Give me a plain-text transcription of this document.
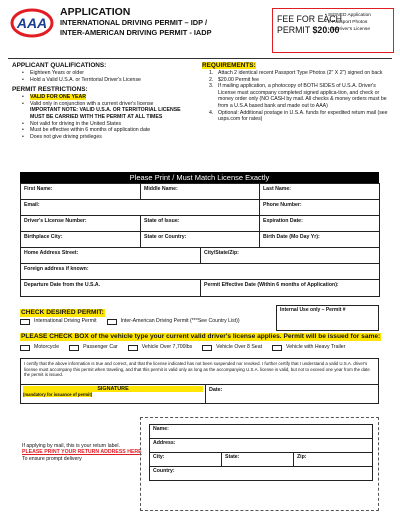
AAA
APPLICATION
INTERNATIONAL DRIVING PERMIT – IDP /
INTER-AMERICAN DRIVING PERMIT - IADP
FEE FOR EACH
PERMIT $20.00
• SIGNED Application
• 2 Passport Photos
• US Driver's License
APPLICANT QUALIFICATIONS:
• Eighteen Years or older
• Hold a Valid U.S.A. or Territorial Driver's License
PERMIT RESTRICTIONS:
• VALID FOR ONE YEAR
• Valid only in conjunction with a current driver's license
IMPORTANT NOTE: VALID U.S.A. OR TERRITORIAL LICENSE
MUST BE CARRIED WITH THE PERMIT AT ALL TIMES
• Not valid for driving in the United States
• Must be effective within 6 months of application date
• Does not give driving privileges
REQUIREMENTS:
1. Attach 2 identical recent Passport Type Photos (2" X 2") signed on back
2. $20.00 Permit fee
3. If mailing application, a photocopy of BOTH SIDES of U.S.A. Driver's License must accompany completed signed applica-tion, and check or money order only (NO CASH by mail. All checks & money orders must be from a U.S.A based bank and made out to AAA)
4. Optional: Additional postage in U.S.A. funds for expedited return mail (see usps.com for rates)
Please Print / Must Match License Exactly
First Name:	Middle Name:		Last Name:
Email:			Phone Number:
Driver's License Number:	State of Issue:		Expiration Date:
Birthplace City:	State or Country:		Birth Date (Mo Day Yr):
Home Address Street:		City/State/Zip:	
Foreign address if known:			
Departure Date from the U.S.A.		Permit Effective Date (Within 6 months of Application):	
CHECK DESIRED PERMIT:	Internal Use only – Permit #
International Driving Permit	Inter-American Driving Permit (***See Country List))
PLEASE CHECK BOX of the vehicle type your current valid driver's license applies. Permit will be issued for same:
Motorcycle	Passenger Car	Vehicle Over 7,700lbs	Vehicle Over 8 Seat	Vehicle with Heavy Trailer
I certify that the above information is true and correct, and that the license indicated has not been suspended nor revoked. I further certify that I understand a valid U.S.A. driver's license must accompany this permit when traveling, and that this permit is valid only as long as the accompanying U.S.A. license is valid, but not to exceed one year from the date the permit is issued.
SIGNATURE
(mandatory for issuance of permit)
Date:
If applying by mail, this is your return label.
PLEASE PRINT YOUR RETURN ADDRESS HERE
To ensure prompt delivery
Name:
Address:
City:	State:	Zip:
Country:
